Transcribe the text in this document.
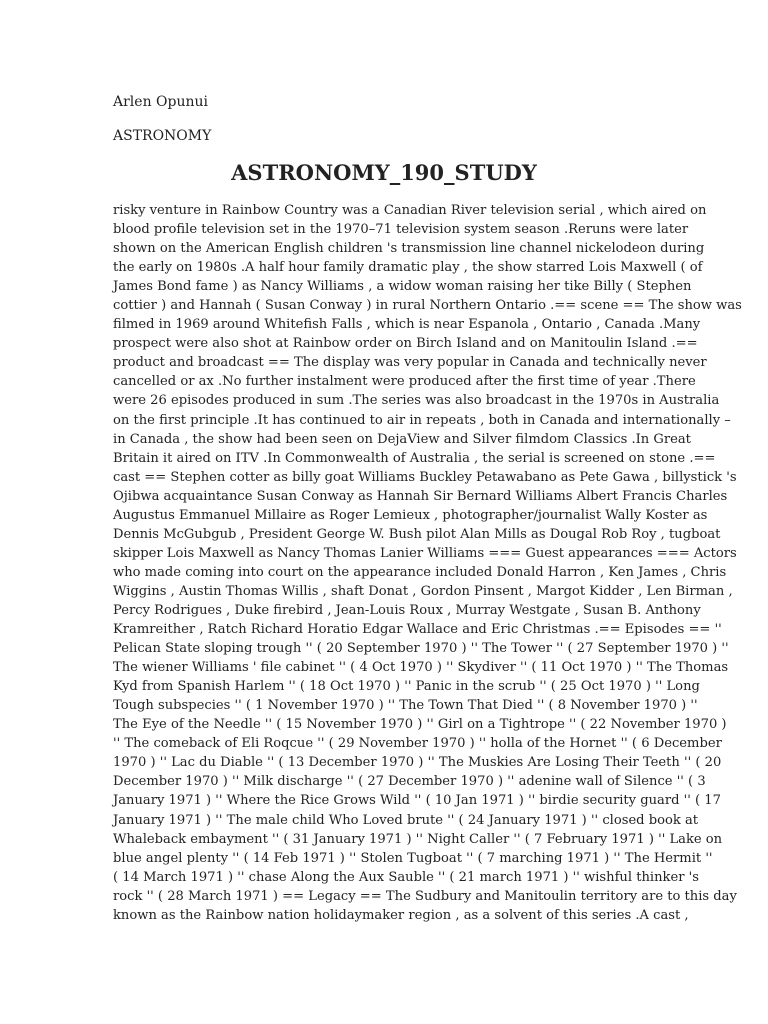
Arlen Opunui
ASTRONOMY
ASTRONOMY_190_STUDY

risky venture in Rainbow Country was a Canadian River television serial , which aired on
blood profile television set in the 1970–71 television system season .Reruns were later
shown on the American English children 's transmission line channel nickelodeon during
the early on 1980s .A half hour family dramatic play , the show starred Lois Maxwell ( of
James Bond fame ) as Nancy Williams , a widow woman raising her tike Billy ( Stephen
cottier ) and Hannah ( Susan Conway ) in rural Northern Ontario .== scene == The show was
filmed in 1969 around Whitefish Falls , which is near Espanola , Ontario , Canada .Many
prospect were also shot at Rainbow order on Birch Island and on Manitoulin Island .==
product and broadcast == The display was very popular in Canada and technically never
cancelled or ax .No further instalment were produced after the first time of year .There
were 26 episodes produced in sum .The series was also broadcast in the 1970s in Australia
on the first principle .It has continued to air in repeats , both in Canada and internationally –
in Canada , the show had been seen on DejaView and Silver filmdom Classics .In Great
Britain it aired on ITV .In Commonwealth of Australia , the serial is screened on stone .==
cast == Stephen cotter as billy goat Williams Buckley Petawabano as Pete Gawa , billystick 's
Ojibwa acquaintance Susan Conway as Hannah Sir Bernard Williams Albert Francis Charles
Augustus Emmanuel Millaire as Roger Lemieux , photographer/journalist Wally Koster as
Dennis McGubgub , President George W. Bush pilot Alan Mills as Dougal Rob Roy , tugboat
skipper Lois Maxwell as Nancy Thomas Lanier Williams === Guest appearances === Actors
who made coming into court on the appearance included Donald Harron , Ken James , Chris
Wiggins , Austin Thomas Willis , shaft Donat , Gordon Pinsent , Margot Kidder , Len Birman ,
Percy Rodrigues , Duke firebird , Jean-Louis Roux , Murray Westgate , Susan B. Anthony
Kramreither , Ratch Richard Horatio Edgar Wallace and Eric Christmas .== Episodes == ''
Pelican State sloping trough '' ( 20 September 1970 ) '' The Tower '' ( 27 September 1970 ) ''
The wiener Williams ' file cabinet '' ( 4 Oct 1970 ) '' Skydiver '' ( 11 Oct 1970 ) '' The Thomas
Kyd from Spanish Harlem '' ( 18 Oct 1970 ) '' Panic in the scrub '' ( 25 Oct 1970 ) '' Long
Tough subspecies '' ( 1 November 1970 ) '' The Town That Died '' ( 8 November 1970 ) ''
The Eye of the Needle '' ( 15 November 1970 ) '' Girl on a Tightrope '' ( 22 November 1970 )
'' The comeback of Eli Roqcue '' ( 29 November 1970 ) '' holla of the Hornet '' ( 6 December
1970 ) '' Lac du Diable '' ( 13 December 1970 ) '' The Muskies Are Losing Their Teeth '' ( 20
December 1970 ) '' Milk discharge '' ( 27 December 1970 ) '' adenine wall of Silence '' ( 3
January 1971 ) '' Where the Rice Grows Wild '' ( 10 Jan 1971 ) '' birdie security guard '' ( 17
January 1971 ) '' The male child Who Loved brute '' ( 24 January 1971 ) '' closed book at
Whaleback embayment '' ( 31 January 1971 ) '' Night Caller '' ( 7 February 1971 ) '' Lake on
blue angel plenty '' ( 14 Feb 1971 ) '' Stolen Tugboat '' ( 7 marching 1971 ) '' The Hermit ''
( 14 March 1971 ) '' chase Along the Aux Sauble '' ( 21 march 1971 ) '' wishful thinker 's
rock '' ( 28 March 1971 ) == Legacy == The Sudbury and Manitoulin territory are to this day
known as the Rainbow nation holidaymaker region , as a solvent of this series .A cast ,
